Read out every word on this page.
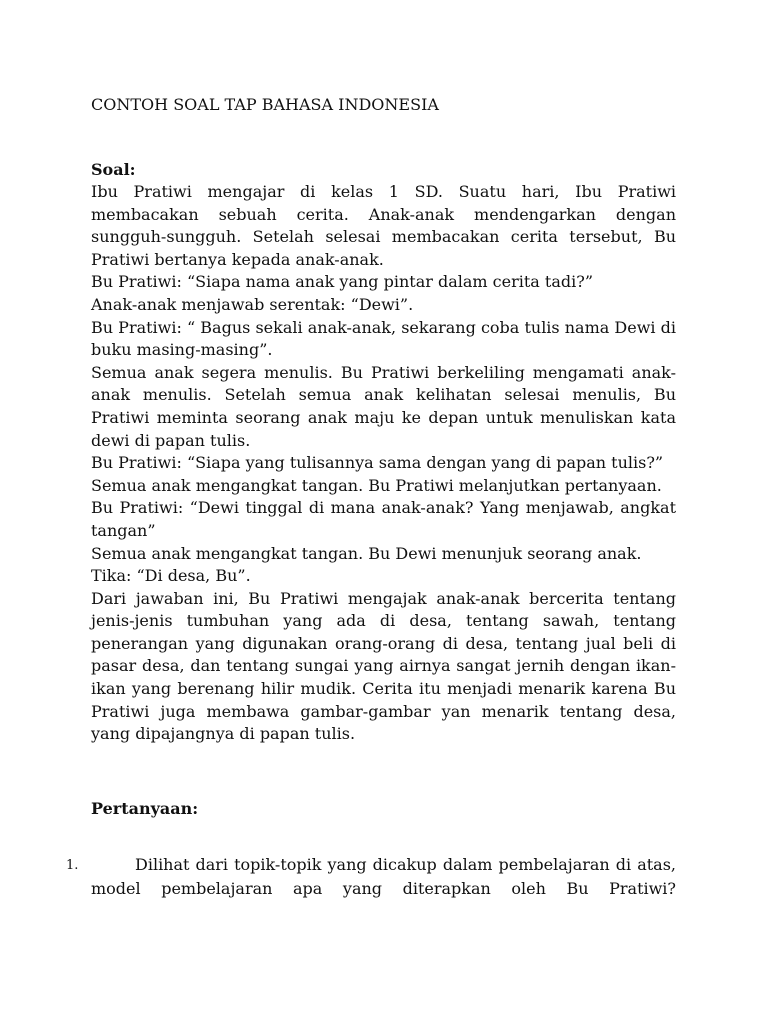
CONTOH SOAL TAP BAHASA INDONESIA
Soal:

Ibu Pratiwi mengajar di kelas 1 SD. Suatu hari, Ibu Pratiwi membacakan sebuah cerita. Anak-anak mendengarkan dengan sungguh-sungguh. Setelah selesai membacakan cerita tersebut, Bu Pratiwi bertanya kepada anak-anak.

Bu Pratiwi: “Siapa nama anak yang pintar dalam cerita tadi?”

Anak-anak menjawab serentak: “Dewi”.

Bu Pratiwi: “ Bagus sekali anak-anak, sekarang coba tulis nama Dewi di buku masing-masing”.

Semua anak segera menulis. Bu Pratiwi berkeliling mengamati anak-anak menulis. Setelah semua anak kelihatan selesai menulis, Bu Pratiwi meminta seorang anak maju ke depan untuk menuliskan kata dewi di papan tulis.

Bu Pratiwi: “Siapa yang tulisannya sama dengan yang di papan tulis?”

Semua anak mengangkat tangan. Bu Pratiwi melanjutkan pertanyaan.

Bu Pratiwi: “Dewi tinggal di mana anak-anak? Yang menjawab, angkat tangan”

Semua anak mengangkat tangan. Bu Dewi menunjuk seorang anak.

Tika: “Di desa, Bu”.

Dari jawaban ini, Bu Pratiwi mengajak anak-anak bercerita tentang jenis-jenis tumbuhan yang ada di desa, tentang sawah, tentang penerangan yang digunakan orang-orang di desa, tentang jual beli di pasar desa, dan tentang sungai yang airnya sangat jernih dengan ikan-ikan yang berenang hilir mudik. Cerita itu menjadi menarik karena Bu Pratiwi juga membawa gambar-gambar yan menarik tentang desa, yang dipajangnya di papan tulis.

Pertanyaan:
1.	Dilihat dari topik-topik yang dicakup dalam pembelajaran di atas, model pembelajaran apa yang diterapkan oleh Bu Pratiwi?
